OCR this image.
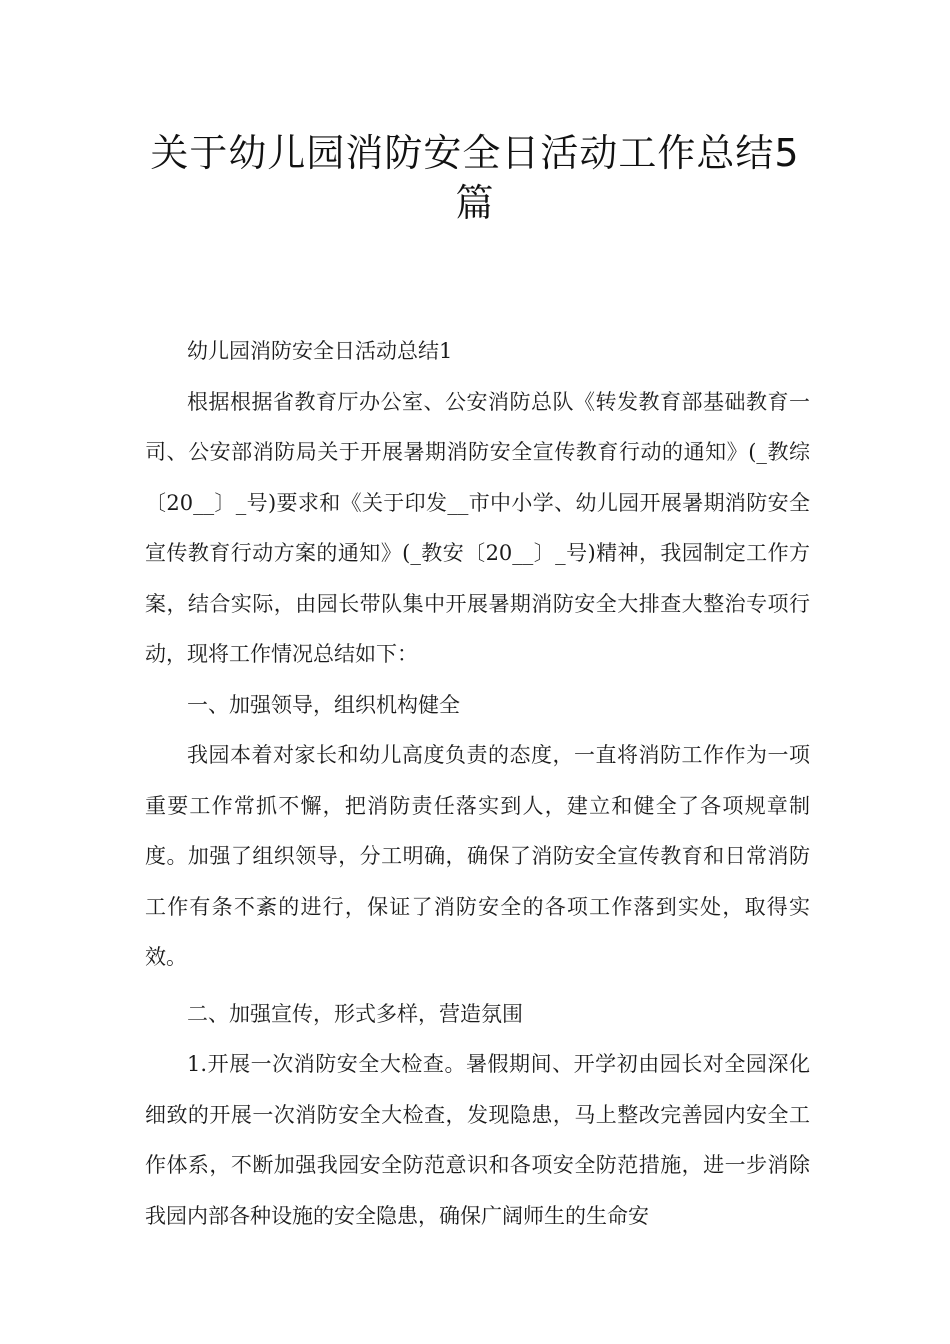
关于幼儿园消防安全日活动工作总结5篇

幼儿园消防安全日活动总结1

根据根据省教育厅办公室、公安消防总队《转发教育部基础教育一司、公安部消防局关于开展暑期消防安全宣传教育行动的通知》(_教综〔20__〕_号)要求和《关于印发__市中小学、幼儿园开展暑期消防安全宣传教育行动方案的通知》(_教安〔20__〕_号)精神，我园制定工作方案，结合实际，由园长带队集中开展暑期消防安全大排查大整治专项行动，现将工作情况总结如下：

一、加强领导，组织机构健全

我园本着对家长和幼儿高度负责的态度，一直将消防工作作为一项重要工作常抓不懈，把消防责任落实到人，建立和健全了各项规章制度。加强了组织领导，分工明确，确保了消防安全宣传教育和日常消防工作有条不紊的进行，保证了消防安全的各项工作落到实处，取得实效。

二、加强宣传，形式多样，营造氛围

1.开展一次消防安全大检查。暑假期间、开学初由园长对全园深化细致的开展一次消防安全大检查，发现隐患，马上整改完善园内安全工作体系，不断加强我园安全防范意识和各项安全防范措施，进一步消除我园内部各种设施的安全隐患，确保广阔师生的生命安
